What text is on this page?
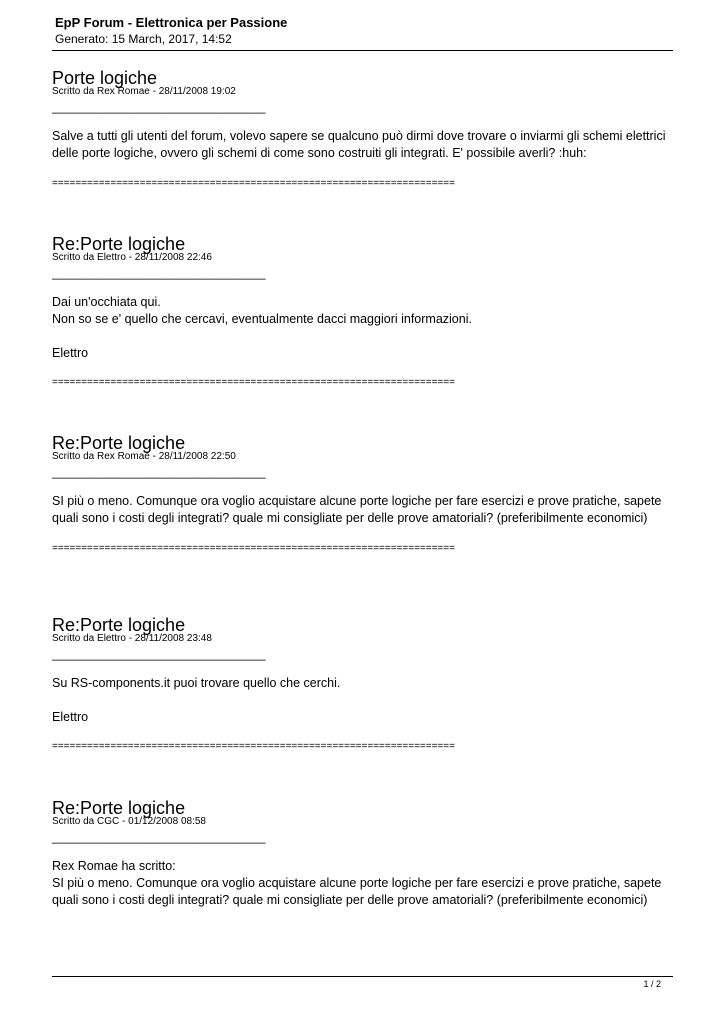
EpP Forum - Elettronica per Passione
Generato: 15 March, 2017, 14:52
Porte logiche
Scritto da Rex Romae - 28/11/2008 19:02
________________________________

Salve a tutti gli utenti del forum, volevo sapere se qualcuno può dirmi dove trovare o inviarmi gli schemi elettrici delle porte logiche, ovvero gli schemi di come sono costruiti gli integrati. E' possibile averli? :huh:

=====================================================================
Re:Porte logiche
Scritto da Elettro - 28/11/2008 22:46
________________________________

Dai un'occhiata qui.

Non so se e' quello che cercavi, eventualmente dacci maggiori informazioni.

Elettro

=====================================================================
Re:Porte logiche
Scritto da Rex Romae - 28/11/2008 22:50
________________________________

SI più o meno. Comunque ora voglio acquistare alcune porte logiche per fare esercizi e prove pratiche, sapete quali sono i costi degli integrati? quale mi consigliate per delle prove amatoriali? (preferibilmente economici)

=====================================================================
Re:Porte logiche
Scritto da Elettro - 28/11/2008 23:48
________________________________

Su RS-components.it puoi trovare quello che cerchi.

Elettro

=====================================================================
Re:Porte logiche
Scritto da CGC - 01/12/2008 08:58
________________________________

Rex Romae ha scritto:

SI più o meno. Comunque ora voglio acquistare alcune porte logiche per fare esercizi e prove pratiche, sapete quali sono i costi degli integrati? quale mi consigliate per delle prove amatoriali? (preferibilmente economici)

1 / 2
